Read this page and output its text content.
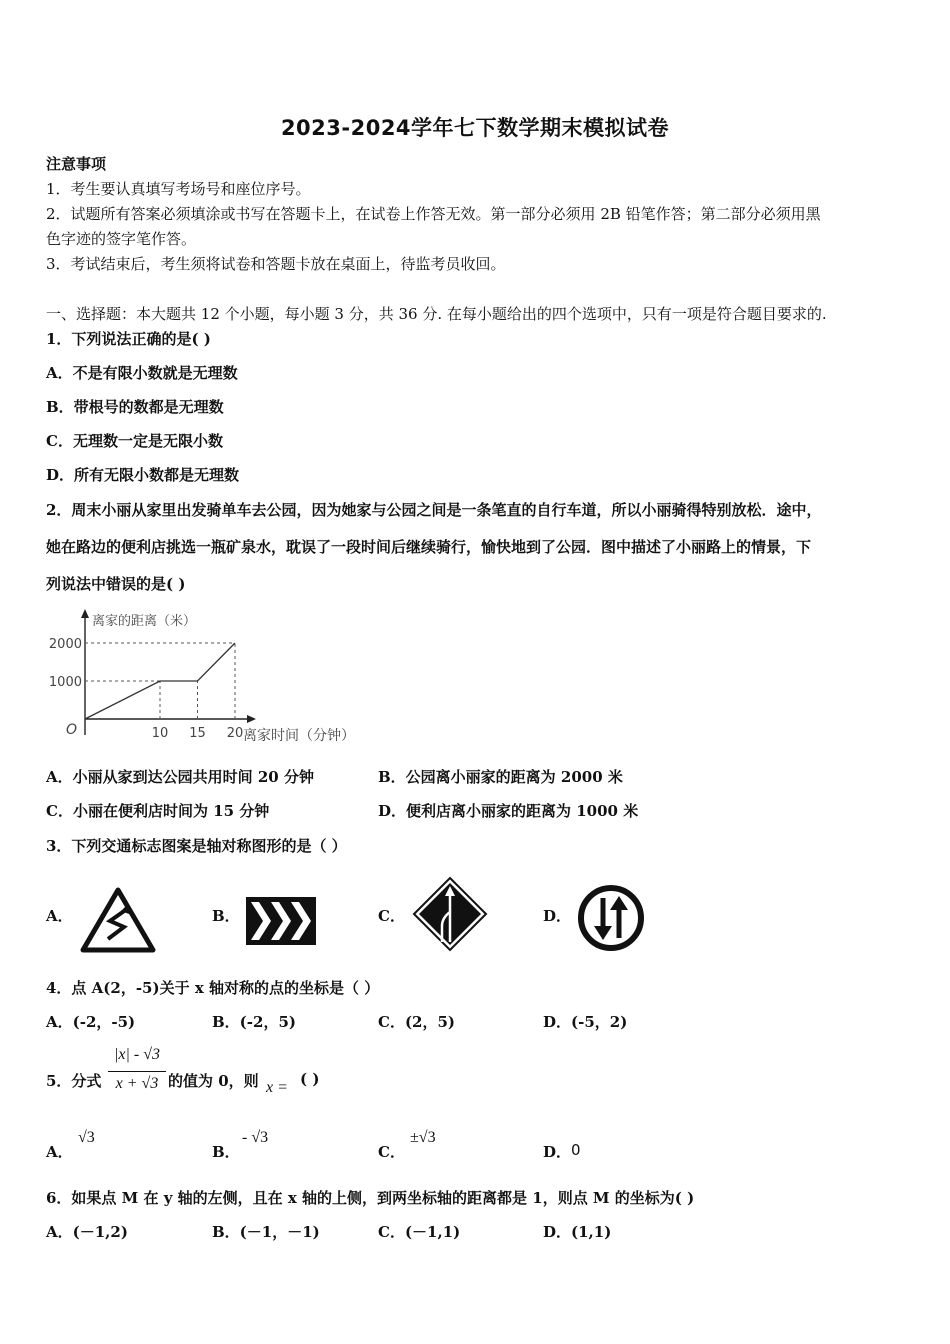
2023-2024学年七下数学期末模拟试卷
注意事项
1．考生要认真填写考场号和座位序号。
2．试题所有答案必须填涂或书写在答题卡上，在试卷上作答无效。第一部分必须用 2B 铅笔作答；第二部分必须用黑
色字迹的签字笔作答。
3．考试结束后，考生须将试卷和答题卡放在桌面上，待监考员收回。
一、选择题：本大题共 12 个小题，每小题 3 分，共 36 分. 在每小题给出的四个选项中，只有一项是符合题目要求的.
1．下列说法正确的是( )
A．不是有限小数就是无理数
B．带根号的数都是无理数
C．无理数一定是无限小数
D．所有无限小数都是无理数
2．周末小丽从家里出发骑单车去公园，因为她家与公园之间是一条笔直的自行车道，所以小丽骑得特别放松．途中，
她在路边的便利店挑选一瓶矿泉水，耽误了一段时间后继续骑行，愉快地到了公园．图中描述了小丽路上的情景，下
列说法中错误的是( )
离家的距离（米）
离家时间（分钟）
O
1000
2000
10 15 20
A．小丽从家到达公园共用时间 20 分钟	B．公园离小丽家的距离为 2000 米
C．小丽在便利店时间为 15 分钟	D．便利店离小丽家的距离为 1000 米
3．下列交通标志图案是轴对称图形的是（ ）
A．	B．	C．	D．
4．点 A(2，-5)关于 x 轴对称的点的坐标是（ ）
A．(-2，-5)	B．(-2，5)	C．(2，5)	D．(-5，2)
5．分式
|x| - √3
x + √3 的值为 0，则 x = ( )
A．
√3
B．
- √3
C．
±√3
D． 0
6．如果点 M 在 y 轴的左侧，且在 x 轴的上侧，到两坐标轴的距离都是 1，则点 M 的坐标为( )
A．(－1,2)	B．(－1，－1)	C．(－1,1)	D．(1,1)
